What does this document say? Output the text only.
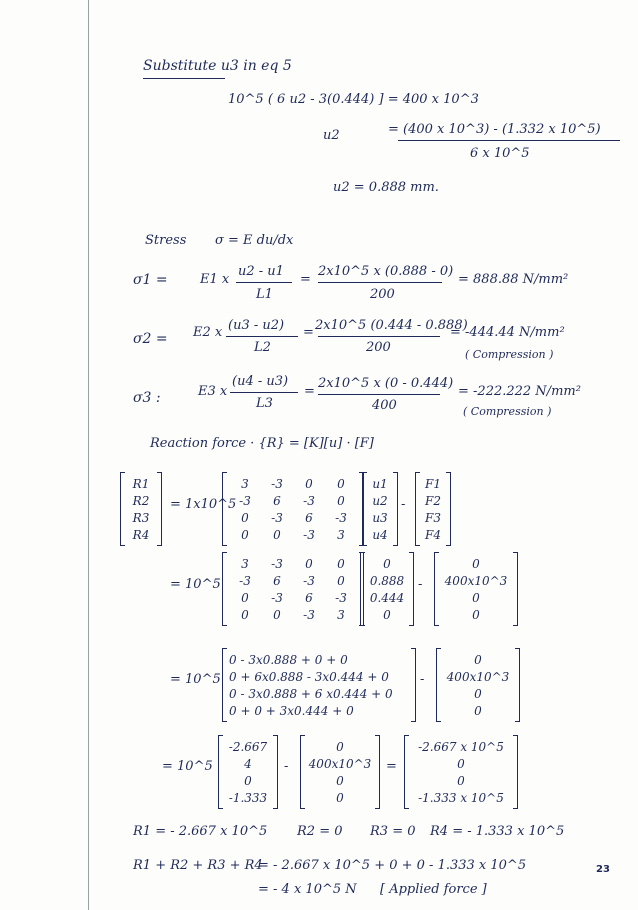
Substitute u3 in eq 5
10^5 ( 6 u2 - 3(0.444) ] = 400 x 10^3
u2	= (400 x 10^3) - (1.332 x 10^5)
6 x 10^5
u2 = 0.888 mm.
Stress σ = E du/dx
σ1 = E1 x
u2 - u1
L1
=
2x10^5 x (0.888 - 0)
200
= 888.88 N/mm²
σ2 = E2 x (u3 - u2)
L2
= 2x10^5 (0.444 - 0.888)
200
= -444.44 N/mm²
( Compression )
σ3 :	E3 x
(u4 - u3)
L3
=
2x10^5 x (0 - 0.444)
400
= -222.222 N/mm²
( Compression )
Reaction force · {R} = [K][u] · [F]
R1
R2
R3
R4
= 1x10^5
3	-3	0	0
-3	6	-3	0
0	-3	6	-3
0	0	-3	3
u1
u2
u3
u4
-
F1
F2
F3
F4
= 10^5
3	-3	0	0
-3	6	-3	0
0	-3	6	-3
0	0	-3	3
0
0.888
0.444
0
-
0
400x10^3
0
0
= 10^5
0 - 3x0.888 + 0 + 0
0 + 6x0.888 - 3x0.444 + 0
0 - 3x0.888 + 6 x0.444 + 0
0 + 0 + 3x0.444 + 0
-
0
400x10^3
0
0
= 10^5
-2.667
4
0
-1.333
-
0
400x10^3
0
0
=
-2.667 x 10^5
0
0
-1.333 x 10^5
R1 = - 2.667 x 10^5 R2 = 0 R3 = 0 R4 = - 1.333 x 10^5
R1 + R2 + R3 + R4
= - 2.667 x 10^5 + 0 + 0 - 1.333 x 10^5
= - 4 x 10^5 N [ Applied force ]
23
